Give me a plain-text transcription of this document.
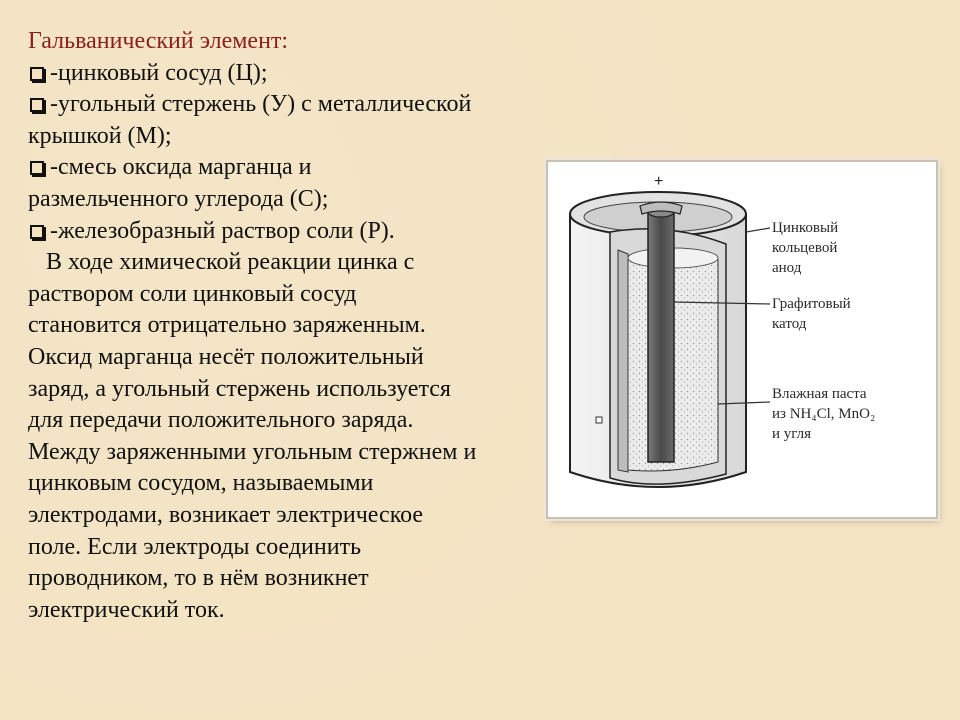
Гальванический элемент:
-цинковый сосуд (Ц);
-угольный стержень (У) с металлической
крышкой (М);
-смесь оксида марганца и
размельченного углерода (С);
-железобразный раствор соли (Р).
В ходе химической реакции цинка с
раствором соли цинковый сосуд
становится отрицательно заряженным.
Оксид марганца несёт положительный
заряд, а угольный стержень используется
для передачи положительного заряда.
Между заряженными угольным стержнем и
цинковым сосудом, называемыми
электродами, возникает электрическое
поле. Если электроды соединить
проводником, то в нём возникнет
электрический ток.
+
−
Цинковый
кольцевой
анод
Графитовый
катод
Влажная паста
из NH₄Cl, MnO₂
и угля
